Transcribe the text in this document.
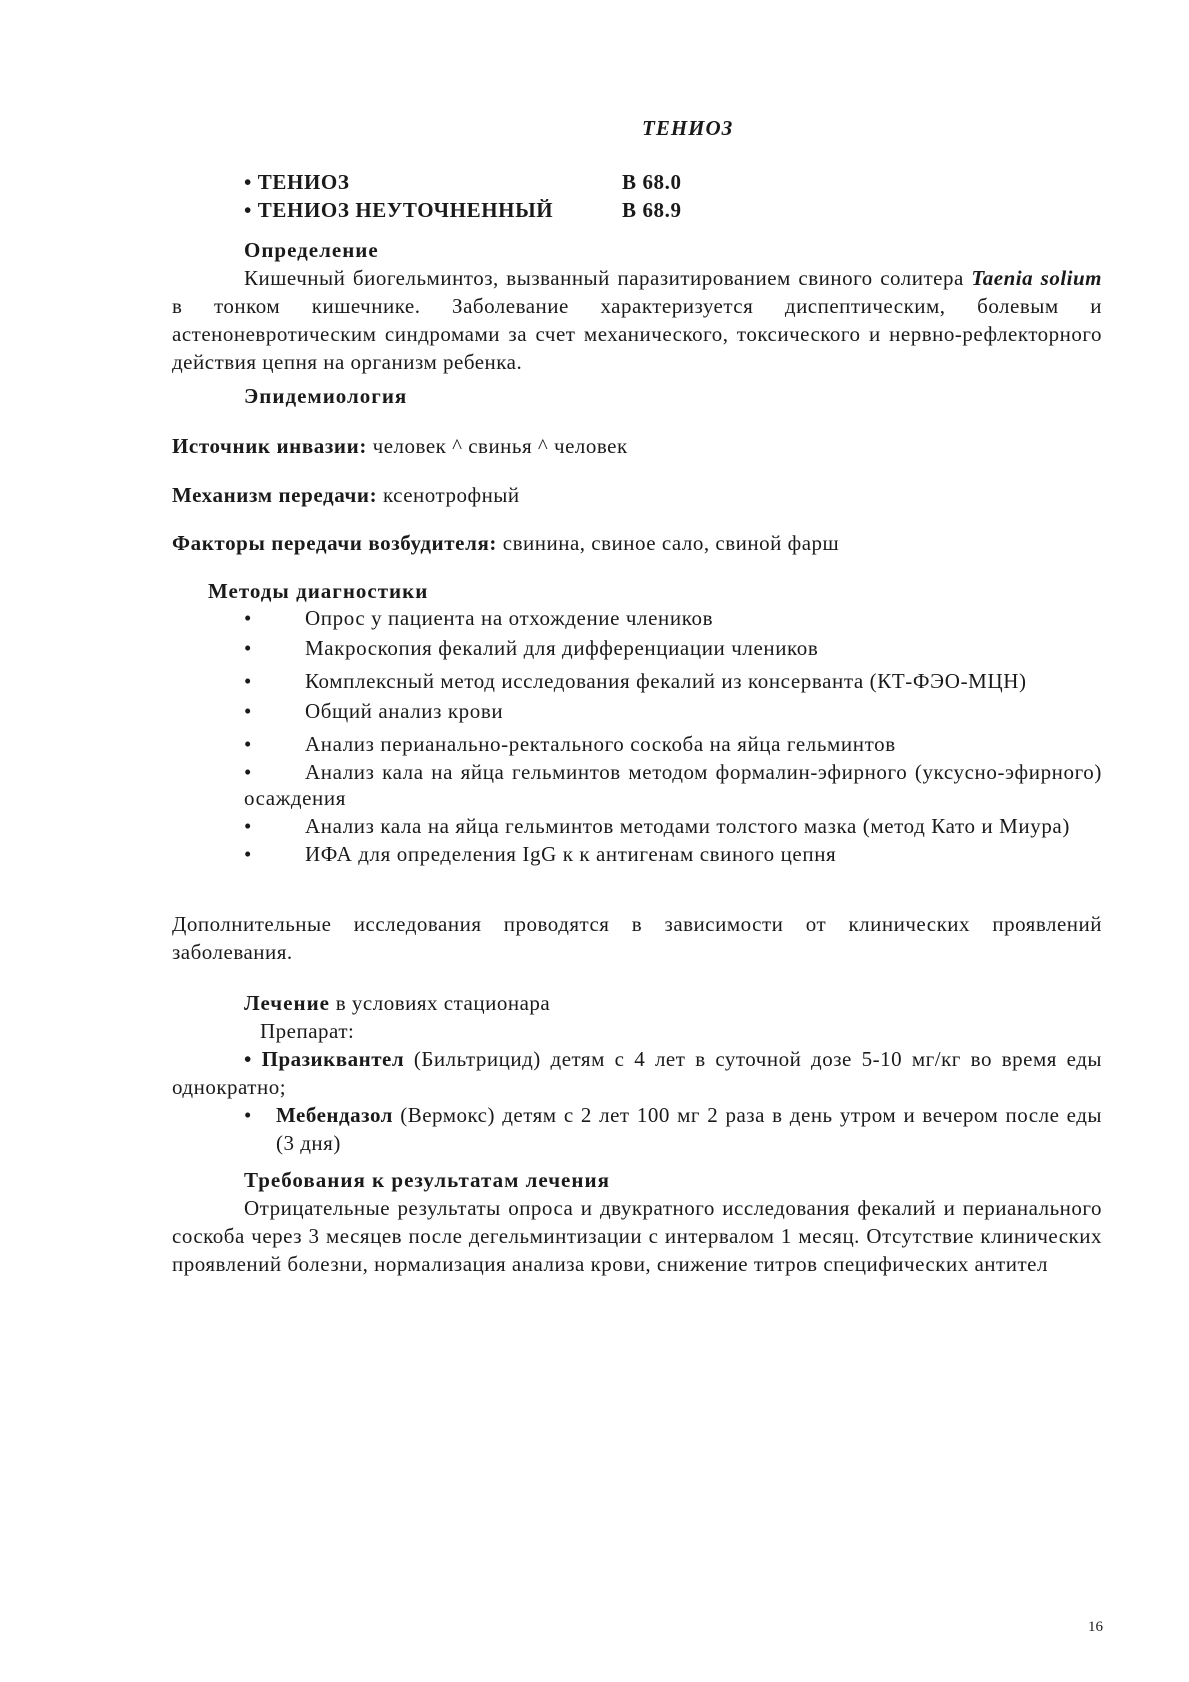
ТЕНИОЗ
• ТЕНИОЗ	В 68.0
• ТЕНИОЗ НЕУТОЧНЕННЫЙ	В 68.9
Определение
Кишечный биогельминтоз, вызванный паразитированием свиного солитера Taenia solium в тонком кишечнике. Заболевание характеризуется диспептическим, болевым и астеноневротическим синдромами за счет механического, токсического и нервно-рефлекторного действия цепня на организм ребенка.
Эпидемиология
Источник инвазии: человек ^ свинья ^ человек
Механизм передачи: ксенотрофный
Факторы передачи возбудителя: свинина, свиное сало, свиной фарш
Методы диагностики
•	Опрос у пациента на отхождение члеников
•	Макроскопия фекалий для дифференциации члеников
•	Комплексный метод исследования фекалий из консерванта (КТ-ФЭО-МЦН)
•	Общий анализ крови
•	Анализ перианально-ректального соскоба на яйца гельминтов
•	Анализ кала на яйца гельминтов методом формалин-эфирного (уксусно-эфирного) осаждения
•	Анализ кала на яйца гельминтов методами толстого мазка (метод Като и Миура)
•	ИФА для определения IgG к к антигенам свиного цепня
Дополнительные исследования проводятся в зависимости от клинических проявлений заболевания.
Лечение в условиях стационара
Препарат:
• Празиквантел (Бильтрицид) детям с 4 лет в суточной дозе 5-10 мг/кг во время еды однократно;
• Мебендазол (Вермокс) детям с 2 лет 100 мг 2 раза в день утром и вечером после еды (3 дня)
Требования к результатам лечения
Отрицательные результаты опроса и двукратного исследования фекалий и перианального соскоба через 3 месяцев после дегельминтизации с интервалом 1 месяц. Отсутствие клинических проявлений болезни, нормализация анализа крови, снижение титров специфических антител
16
